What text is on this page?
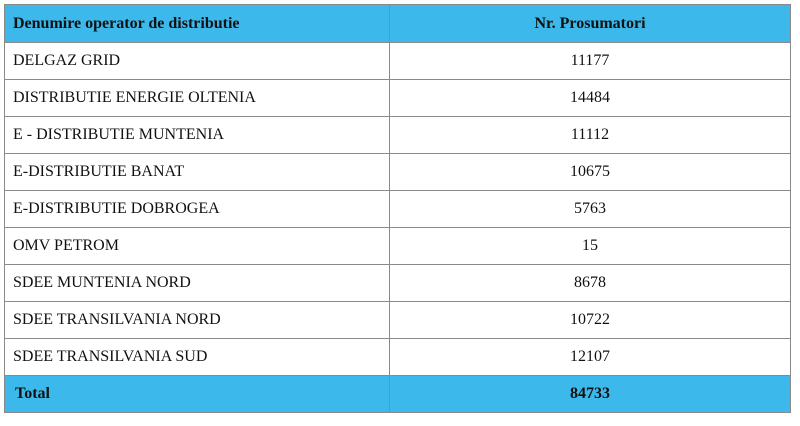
Denumire operator de distributie	Nr. Prosumatori
DELGAZ GRID	11177
DISTRIBUTIE ENERGIE OLTENIA	14484
E - DISTRIBUTIE MUNTENIA	11112
E-DISTRIBUTIE BANAT	10675
E-DISTRIBUTIE DOBROGEA	5763
OMV PETROM	15
SDEE MUNTENIA NORD	8678
SDEE TRANSILVANIA NORD	10722
SDEE TRANSILVANIA SUD	12107
Total	84733
